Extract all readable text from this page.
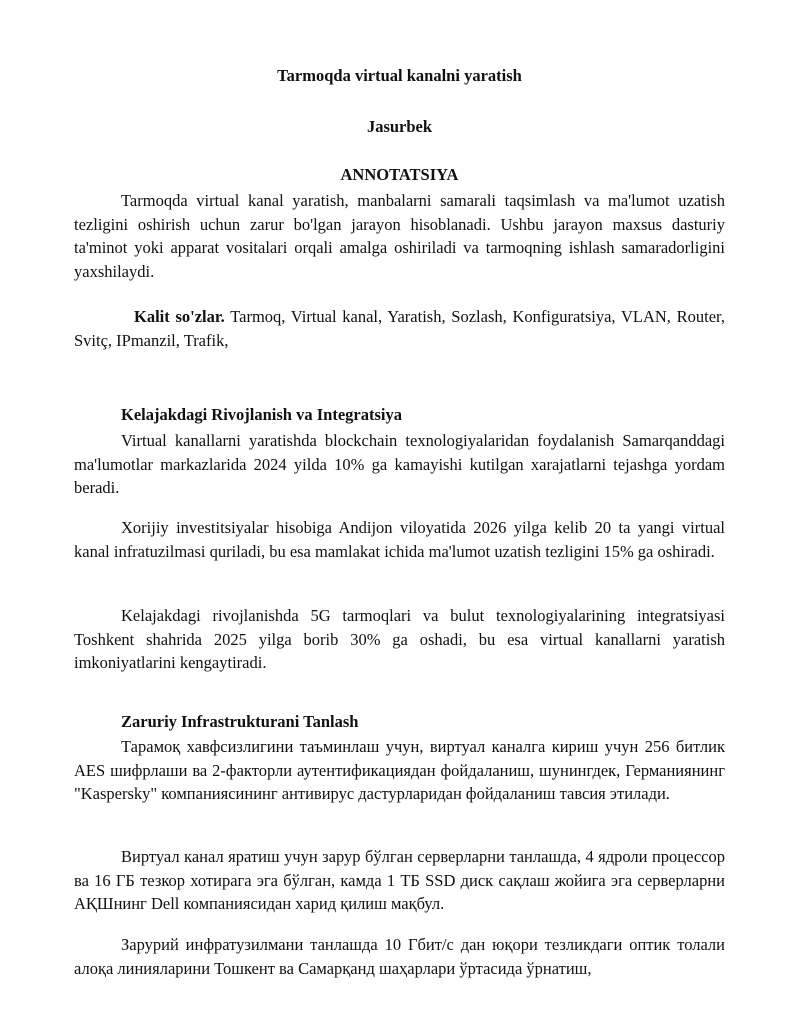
Tarmoqda virtual kanalni yaratish
Jasurbek
ANNOTATSIYA
Tarmoqda virtual kanal yaratish, manbalarni samarali taqsimlash va ma'lumot uzatish tezligini oshirish uchun zarur bo'lgan jarayon hisoblanadi. Ushbu jarayon maxsus dasturiy ta'minot yoki apparat vositalari orqali amalga oshiriladi va tarmoqning ishlash samaradorligini yaxshilaydi.
Kalit so'zlar. Tarmoq, Virtual kanal, Yaratish, Sozlash, Konfiguratsiya, VLAN, Router, Svitç, IPmanzil, Trafik,
Kelajakdagi Rivojlanish va Integratsiya
Virtual kanallarni yaratishda blockchain texnologiyalaridan foydalanish Samarqanddagi ma'lumotlar markazlarida 2024 yilda 10% ga kamayishi kutilgan xarajatlarni tejashga yordam beradi.
Xorijiy investitsiyalar hisobiga Andijon viloyatida 2026 yilga kelib 20 ta yangi virtual kanal infratuzilmasi quriladi, bu esa mamlakat ichida ma'lumot uzatish tezligini 15% ga oshiradi.
Kelajakdagi rivojlanishda 5G tarmoqlari va bulut texnologiyalarining integratsiyasi Toshkent shahrida 2025 yilga borib 30% ga oshadi, bu esa virtual kanallarni yaratish imkoniyatlarini kengaytiradi.
Zaruriy Infrastrukturani Tanlash
Тарамоқ хавфсизлигини таъминлаш учун, виртуал каналга кириш учун 256 битлик AES шифрлаши ва 2-факторли аутентификациядан фойдаланиш, шунингдек, Германиянинг "Kaspersky" компаниясининг антивирус дастурларидан фойдаланиш тавсия этилади.
Виртуал канал яратиш учун зарур бўлган серверларни танлашда, 4 ядроли процессор ва 16 ГБ тезкор хотирага эга бўлган, камда 1 ТБ SSD диск сақлаш жойига эга серверларни АҚШнинг Dell компаниясидан харид қилиш мақбул.
Зарурий инфратузилмани танлашда 10 Гбит/с дан юқори тезликдаги оптик толали алоқа линияларини Тошкент ва Самарқанд шаҳарлари ўртасида ўрнатиш,
